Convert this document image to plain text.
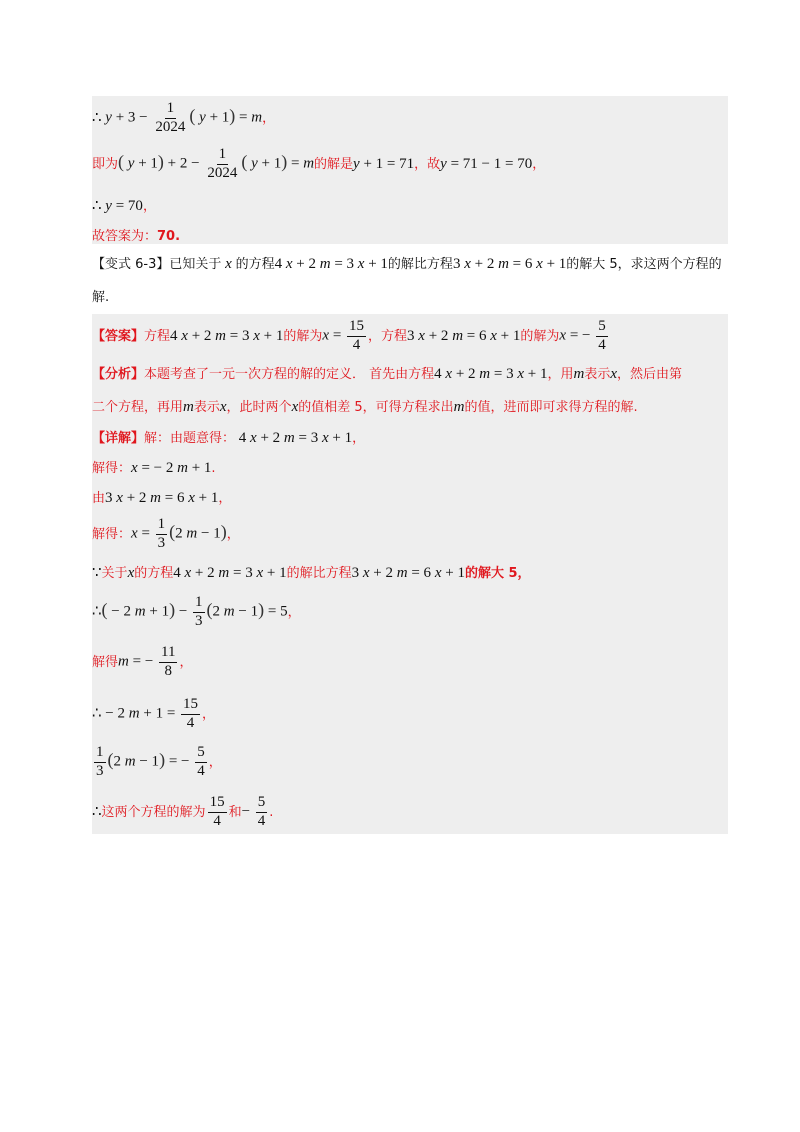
∴ $y + 3 - \frac{1}{2024}$ ( y + 1) = m ，
即为 ( $y + 1) + 2 - \frac{1}{2024}$ ( y + 1) = m 的解是 y + 1 = 71 ，故 y = 71 − 1 = 70 ，
∴ y = 70 ，
故答案为： 70.
【变式 6-3】 已知关于 x 的方程 4 x + 2 m = 3 x + 1 的解比方程 3 x + 2 m = 6 x + 1 的解大 5，求这两个方程的
解.
【答案】 方程 4 x + 2 m = 3 x + 1 的解为 $x = \frac{15}{4}$ ，方程 3 x + 2 m = 6 x + 1 的解为 x = − $\frac{5}{4}$
【分析】 本题考查了一元一次方程的解的定义． 首先由方程 4 x + 2 m = 3 x + 1 ，用 m 表示 x ，然后由第
二个方程，再用 m 表示 x ，此时两个 x 的值相差 5，可得方程求出 m 的值，进而即可求得方程的解.
【详解】 解：由题意得： 4 x + 2 m = 3 x + 1 ，
解得： x = − 2 m + 1 .
由 3 x + 2 m = 6 x + 1 ，
解得： $x = \frac{1}{3} (2$ m − 1) ，
∵ 关于 x 的方程 4 x + 2 m = 3 x + 1 的解比方程 3 x + 2 m = 6 x + 1 的解大 5，
∴( − 2 $m + 1) - \frac{1}{3} (2$ m − 1) = 5 ，
解得 m = − $\frac{11}{8}$ ，
∴ − 2 $m + 1 = \frac{15}{4}$ ，
$\frac{1}{3} (2$ m − 1) = − $\frac{5}{4}$ ，
∴ 这两个方程的解为 $\frac{15}{4}$ 和 − $\frac{5}{4}$ .
